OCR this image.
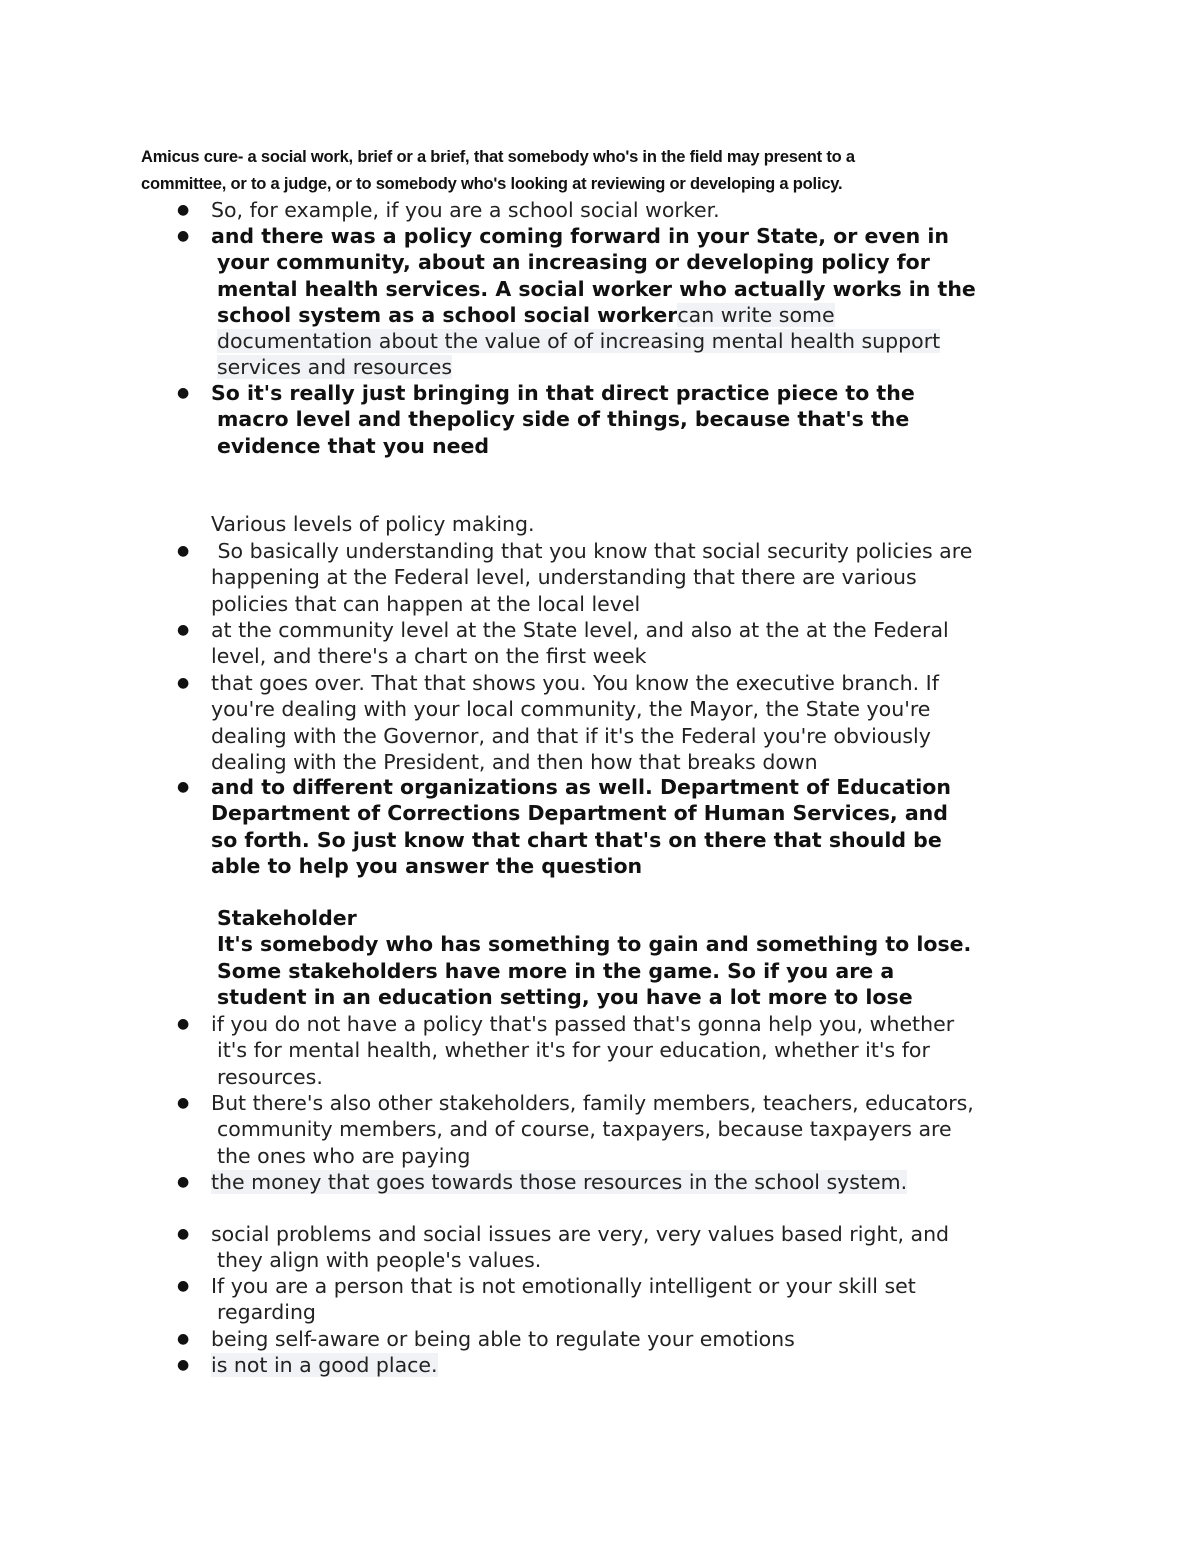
Amicus cure- a social work, brief or a brief, that somebody who's in the field may present to a
committee, or to a judge, or to somebody who's looking at reviewing or developing a policy.
● So, for example, if you are a school social worker.
● and there was a policy coming forward in your State, or even in
your community, about an increasing or developing policy for
mental health services. A social worker who actually works in the
school system as a school social workercan write some
documentation about the value of of increasing mental health support
services and resources
● So it's really just bringing in that direct practice piece to the
macro level and thepolicy side of things, because that's the
evidence that you need
Various levels of policy making.
● So basically understanding that you know that social security policies are
happening at the Federal level, understanding that there are various
policies that can happen at the local level
● at the community level at the State level, and also at the at the Federal
level, and there's a chart on the first week
● that goes over. That that shows you. You know the executive branch. If
you're dealing with your local community, the Mayor, the State you're
dealing with the Governor, and that if it's the Federal you're obviously
dealing with the President, and then how that breaks down
● and to different organizations as well. Department of Education
Department of Corrections Department of Human Services, and
so forth. So just know that chart that's on there that should be
able to help you answer the question
Stakeholder
It's somebody who has something to gain and something to lose.
Some stakeholders have more in the game. So if you are a
student in an education setting, you have a lot more to lose
● if you do not have a policy that's passed that's gonna help you, whether
it's for mental health, whether it's for your education, whether it's for
resources.
● But there's also other stakeholders, family members, teachers, educators,
community members, and of course, taxpayers, because taxpayers are
the ones who are paying
● the money that goes towards those resources in the school system.
● social problems and social issues are very, very values based right, and
they align with people's values.
● If you are a person that is not emotionally intelligent or your skill set
regarding
● being self-aware or being able to regulate your emotions
● is not in a good place.
